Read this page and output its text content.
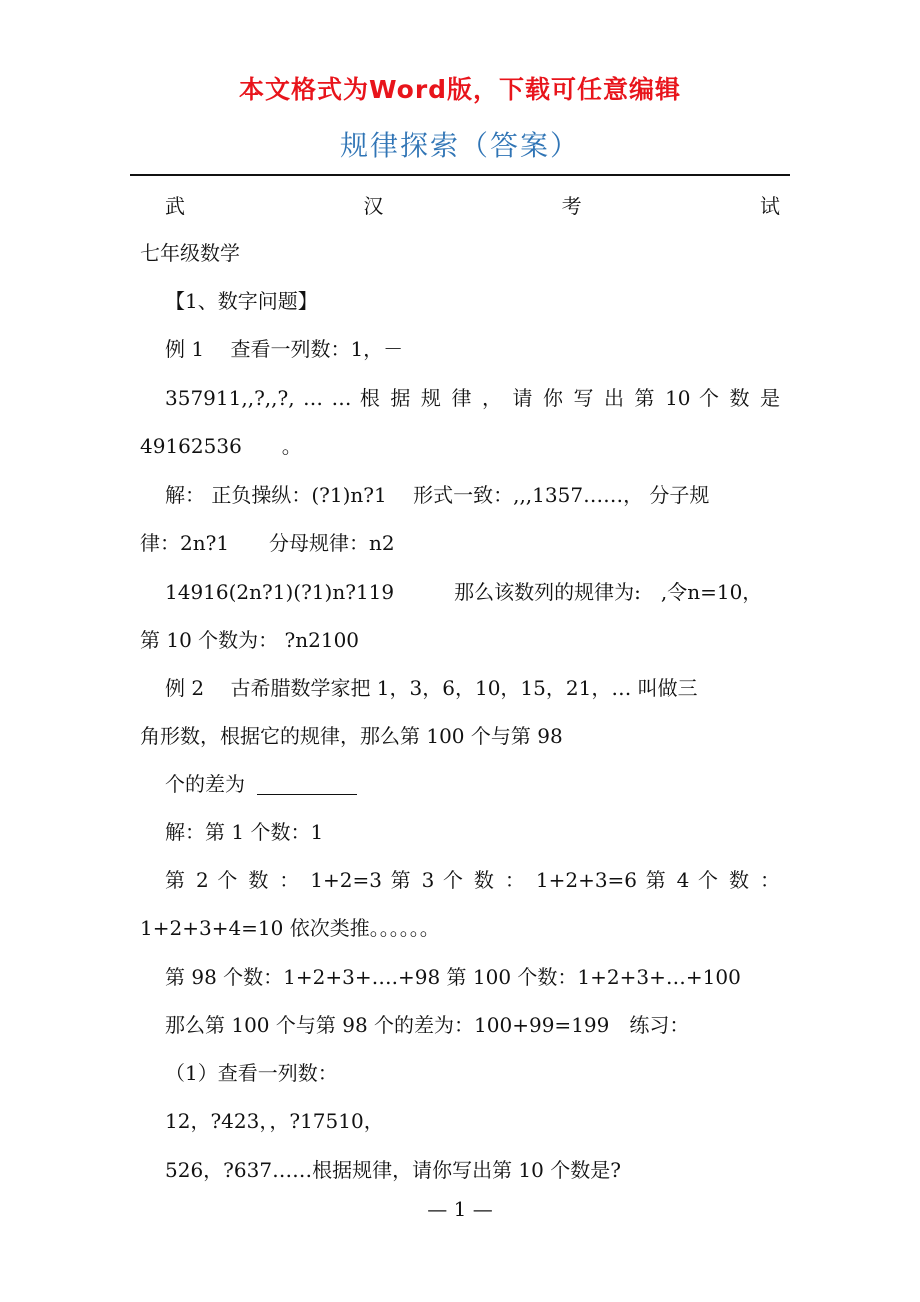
本文格式为Word版，下载可任意编辑
规律探索（答案）
武	汉	考	试
七年级数学
【1、数字问题】
例 1　 查看一列数：1，－
357911,,?,,?, … … 根 据 规 律 ， 请 你 写 出 第 10 个 数 是
49162536　　。
解： 正负操纵：(?1)n?1　 形式一致：,,,1357……， 分子规
律：2n?1　　分母规律：n2
14916(2n?1)(?1)n?119　　　那么该数列的规律为:　,令n=10，
第 10 个数为： ?n2100
例 2　 古希腊数学家把 1，3，6，10，15，21，… 叫做三
角形数，根据它的规律，那么第 100 个与第 98
个的差为
解：第 1 个数：1
第 2 个 数 ： 1+2=3 第 3 个 数 ： 1+2+3=6 第 4 个 数 ：
1+2+3+4=10 依次类推。。。。。。
第 98 个数：1+2+3+….+98 第 100 个数：1+2+3+…+100
那么第 100 个与第 98 个的差为：100+99=199　练习：
（1）查看一列数：
12，?423，，?17510，
526，?637……根据规律，请你写出第 10 个数是?
— 1 —
